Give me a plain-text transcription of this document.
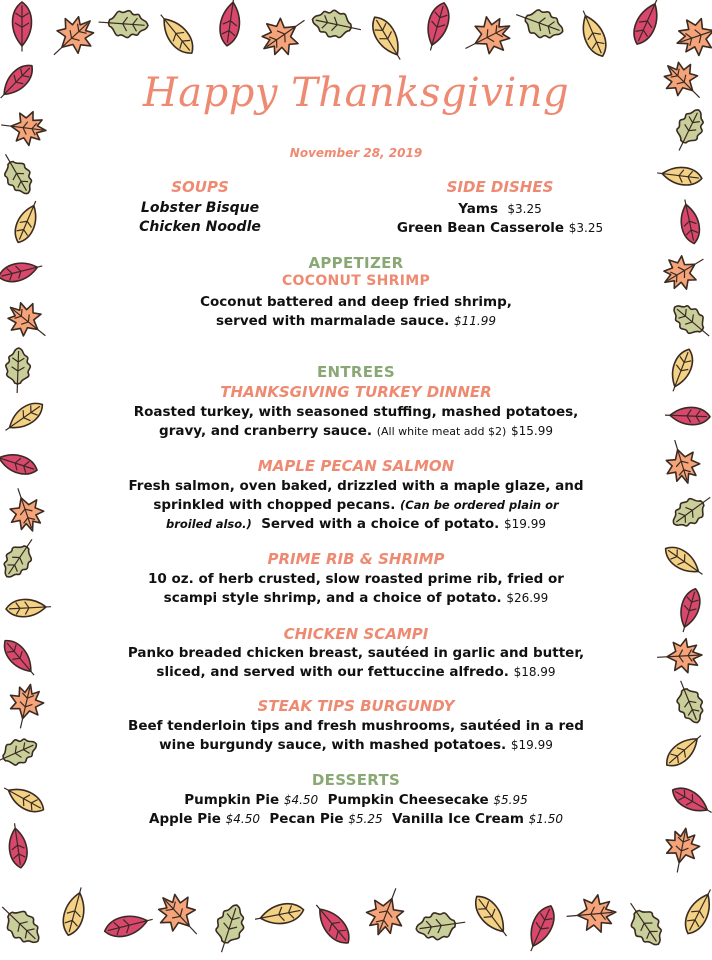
Happy Thanksgiving
November 28, 2019
SOUPS
Lobster Bisque
Chicken Noodle
SIDE DISHES
Yams $3.25
Green Bean Casserole $3.25
APPETIZER
COCONUT SHRIMP
Coconut battered and deep fried shrimp,
served with marmalade sauce. $11.99
ENTREES
THANKSGIVING TURKEY DINNER
Roasted turkey, with seasoned stuffing, mashed potatoes,
gravy, and cranberry sauce. (All white meat add $2) $15.99
MAPLE PECAN SALMON
Fresh salmon, oven baked, drizzled with a maple glaze, and
sprinkled with chopped pecans. (Can be ordered plain or
broiled also.) Served with a choice of potato. $19.99
PRIME RIB & SHRIMP
10 oz. of herb crusted, slow roasted prime rib, fried or
scampi style shrimp, and a choice of potato. $26.99
CHICKEN SCAMPI
Panko breaded chicken breast, sautéed in garlic and butter,
sliced, and served with our fettuccine alfredo. $18.99
STEAK TIPS BURGUNDY
Beef tenderloin tips and fresh mushrooms, sautéed in a red
wine burgundy sauce, with mashed potatoes. $19.99
DESSERTS
Pumpkin Pie $4.50 Pumpkin Cheesecake $5.95
Apple Pie $4.50 Pecan Pie $5.25 Vanilla Ice Cream $1.50
